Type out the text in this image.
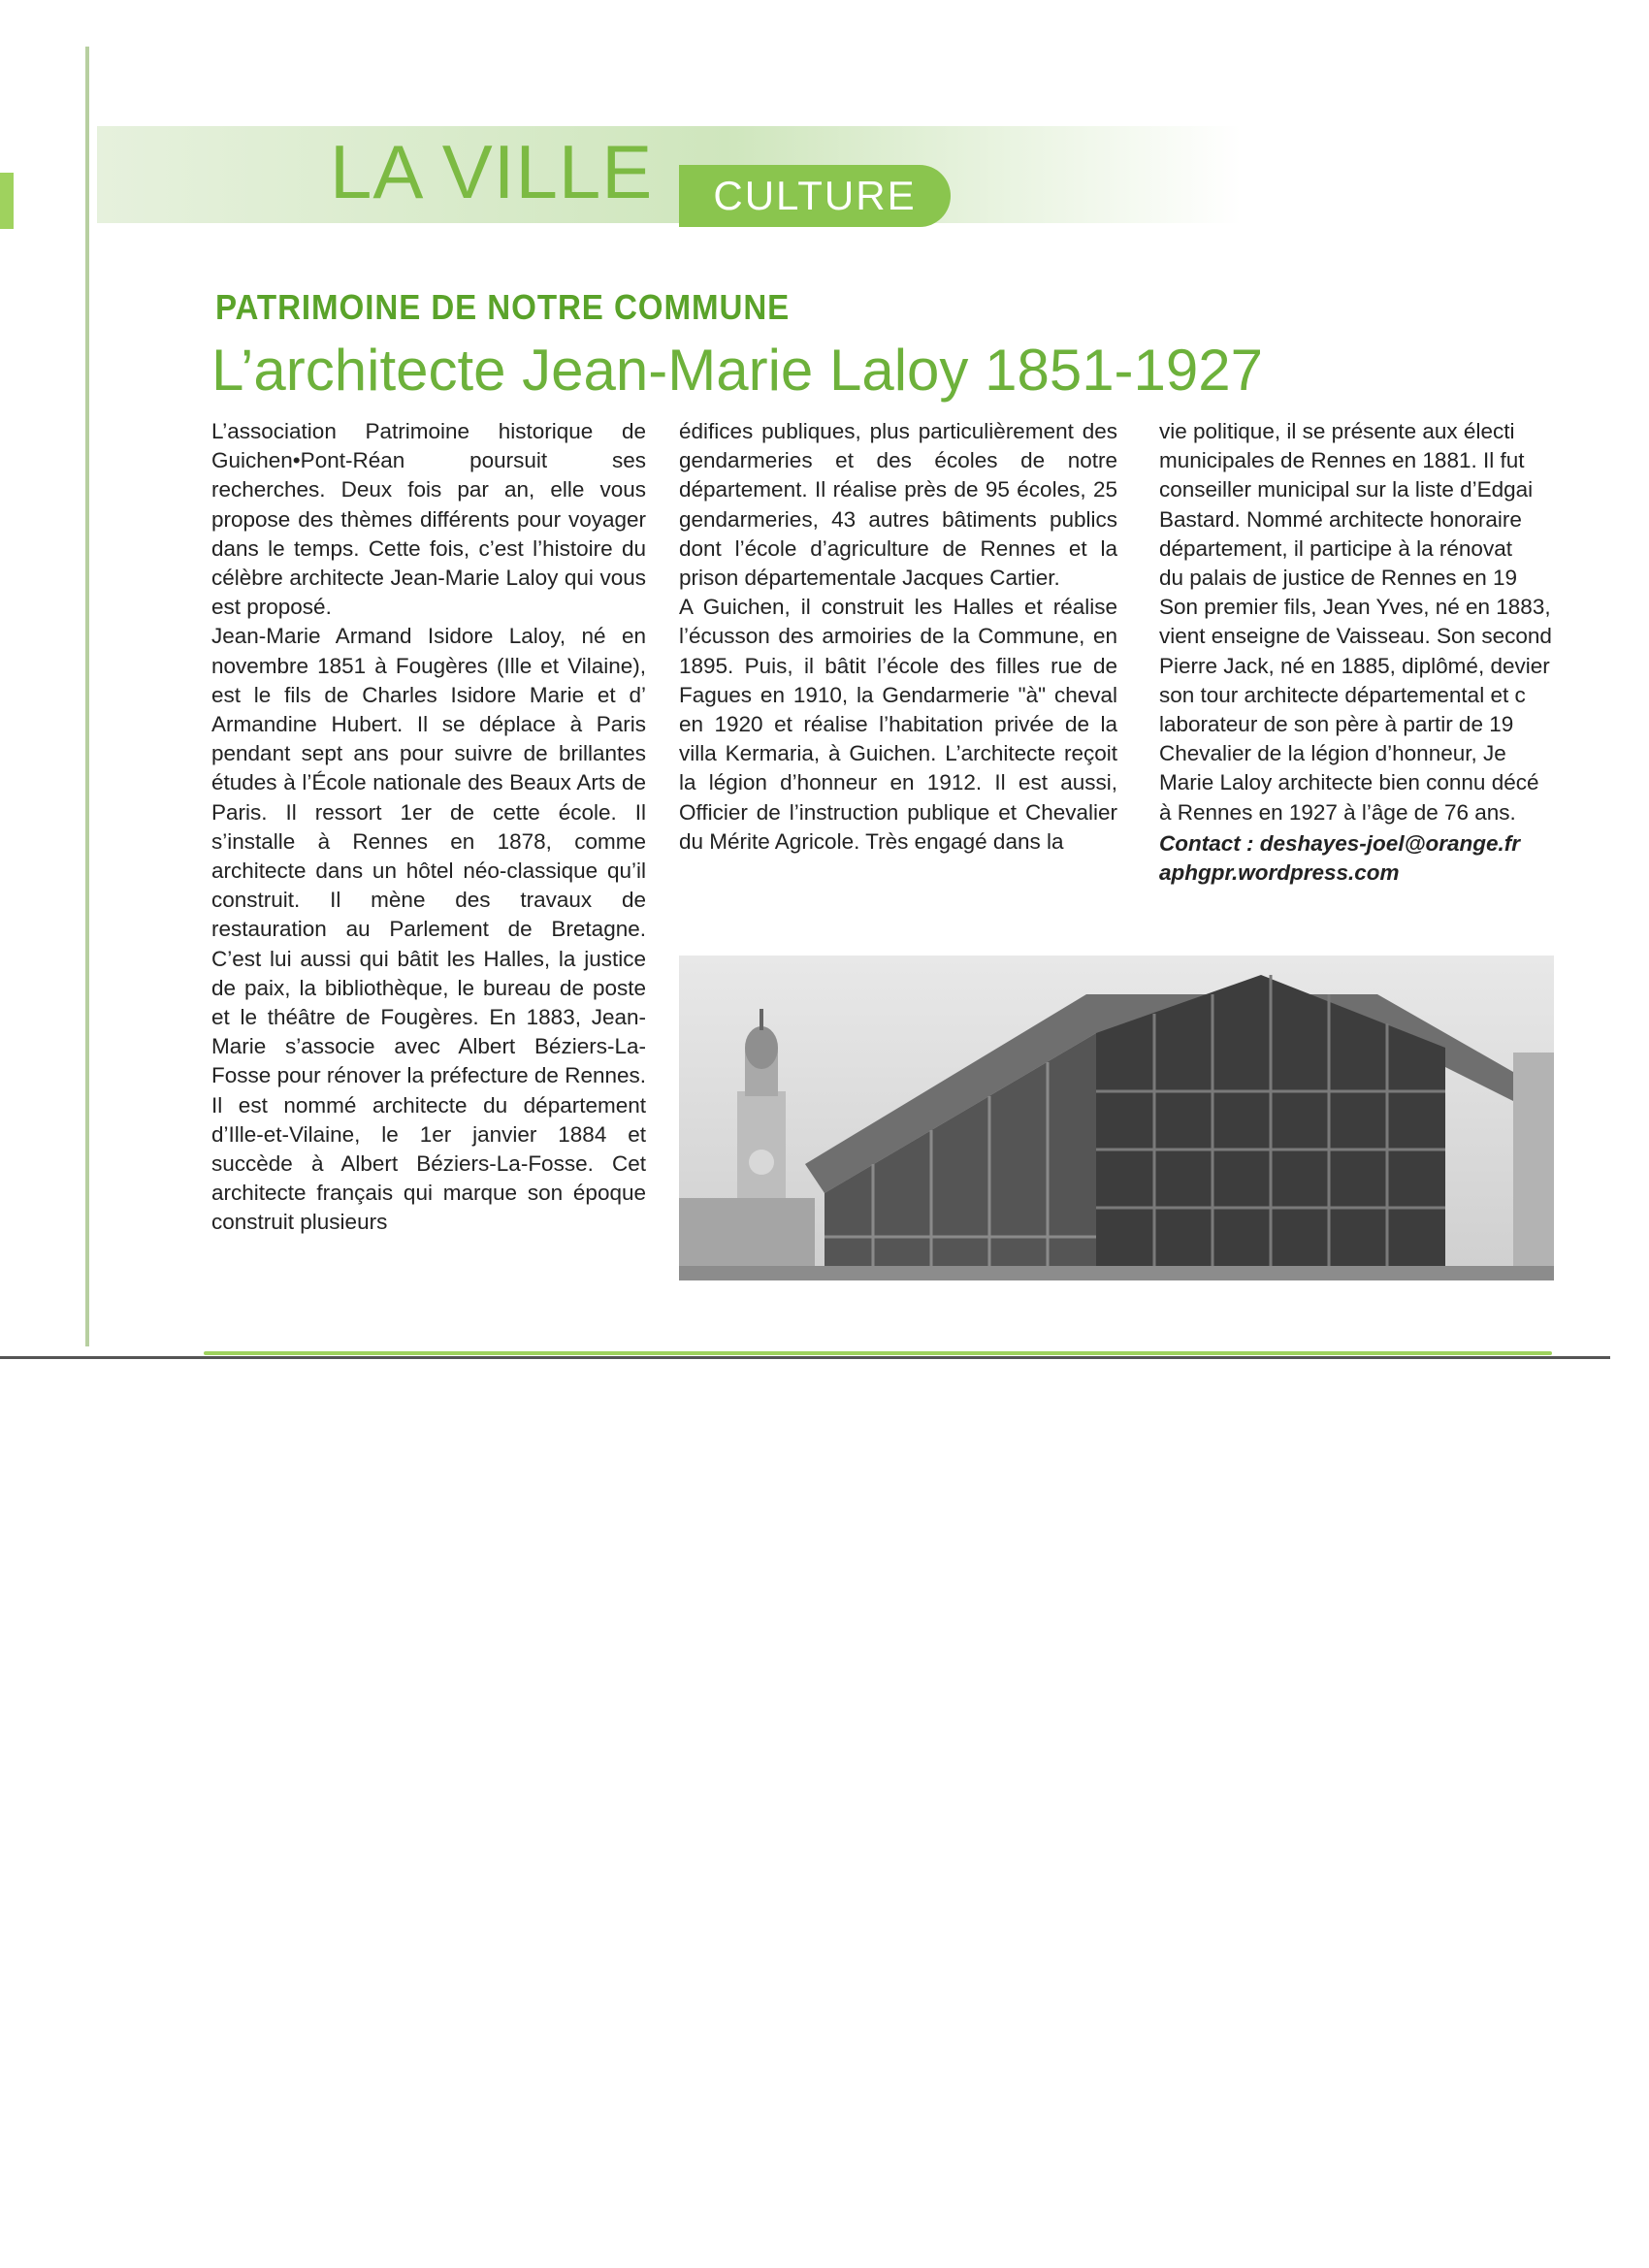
LA VILLE	CULTURE
PATRIMOINE DE NOTRE COMMUNE
L’architecte Jean-Marie Laloy 1851-1927

L’association Patrimoine historique de Guichen•Pont-Réan poursuit ses recherches. Deux fois par an, elle vous propose des thèmes différents pour voyager dans le temps. Cette fois, c’est l’histoire du célèbre architecte Jean-Marie Laloy qui vous est proposé.

Jean-Marie Armand Isidore Laloy, né en novembre 1851 à Fougères (Ille et Vilaine), est le fils de Charles Isidore Marie et d’ Armandine Hubert. Il se déplace à Paris pendant sept ans pour suivre de brillantes études à l’École nationale des Beaux Arts de Paris. Il ressort 1er de cette école. Il s’installe à Rennes en 1878, comme architecte dans un hôtel néo-classique qu’il construit. Il mène des travaux de restauration au Parlement de Bretagne. C’est lui aussi qui bâtit les Halles, la justice de paix, la bibliothèque, le bureau de poste et le théâtre de Fougères. En 1883, Jean-Marie s’associe avec Albert Béziers-La-Fosse pour rénover la préfecture de Rennes. Il est nommé architecte du département d’Ille-et-Vilaine, le 1er janvier 1884 et succède à Albert Béziers-La-Fosse. Cet architecte français qui marque son époque construit plusieurs

édifices publiques, plus particulièrement des gendarmeries et des écoles de notre département. Il réalise près de 95 écoles, 25 gendarmeries, 43 autres bâtiments publics dont l’école d’agriculture de Rennes et la prison départementale Jacques Cartier.

A Guichen, il construit les Halles et réalise l’écusson des armoiries de la Commune, en 1895. Puis, il bâtit l’école des filles rue de Fagues en 1910, la Gendarmerie "à" cheval en 1920 et réalise l’habitation privée de la villa Kermaria, à Guichen. L’architecte reçoit la légion d’honneur en 1912. Il est aussi, Officier de l’instruction publique et Chevalier du Mérite Agricole. Très engagé dans la

vie politique, il se présente aux électi
municipales de Rennes en 1881. Il fut
conseiller municipal sur la liste d’Edgai
Bastard. Nommé architecte honoraire
département, il participe à la rénovat
du palais de justice de Rennes en 19
Son premier fils, Jean Yves, né en 1883,
vient enseigne de Vaisseau. Son second
Pierre Jack, né en 1885, diplômé, devier
son tour architecte départemental et c
laborateur de son père à partir de 19
Chevalier de la légion d’honneur, Je
Marie Laloy architecte bien connu décé
à Rennes en 1927 à l’âge de 76 ans.
Contact : deshayes-joel@orange.fr
aphgpr.wordpress.com
